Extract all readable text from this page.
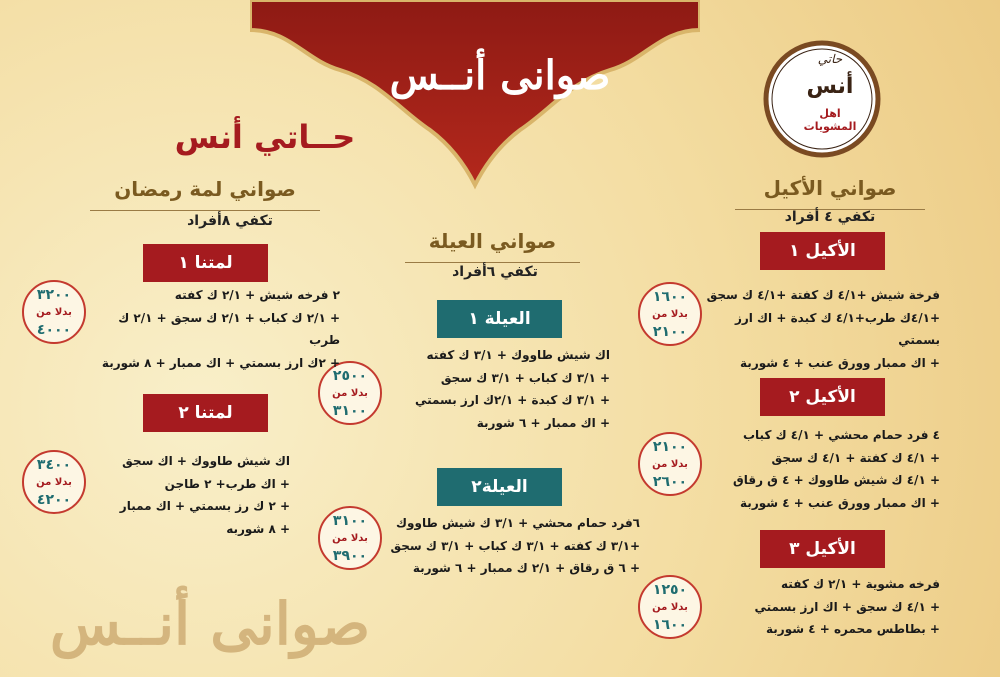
صوانى أنــس	حاتي
أنس
اهل المشويات
حــاتي أنس
صواني الأكيل
تكفي ٤ أفراد
الأكيل ١
فرخة شيش +٤/١ ك كفتة +٤/١ ك سجق
+٤/١ك طرب+٤/١ ك كبدة + اك ارز بسمتي
+ اك ممبار وورق عنب + ٤ شوربة
١٦٠٠
بدلا من
٢١٠٠
الأكيل ٢
٤ فرد حمام محشي + ٤/١ ك كباب
+ ٤/١ ك كفتة + ٤/١ ك سجق
+ ٤/١ ك شيش طاووك + ٤ ق رقاق
+ اك ممبار وورق عنب + ٤ شوربة
٢١٠٠
بدلا من
٢٦٠٠
الأكيل ٣
فرخه مشوية + ٢/١ ك كفته
+ ٤/١ ك سجق + اك ارز بسمتي
+ بطاطس محمره + ٤ شوربة
١٢٥٠
بدلا من
١٦٠٠
صواني العيلة
تكفي ٦أفراد
العيلة ١
اك شيش طاووك + ٣/١ ك كفته
+ ٣/١ ك كباب + ٣/١ ك سجق
+ ٣/١ ك كبدة + ٢/١ك ارز بسمتي
+ اك ممبار + ٦ شوربة
٢٥٠٠
بدلا من
٣١٠٠
العيلة٢
٦فرد حمام محشي + ٣/١ ك شيش طاووك
+٣/١ ك كفته + ٣/١ ك كباب + ٣/١ ك سجق
+ ٦ ق رقاق + ٢/١ ك ممبار + ٦ شوربة
٣١٠٠
بدلا من
٣٩٠٠
صواني لمة رمضان
تكفي ٨أفراد
لمتنا ١
٢ فرخه شيش + ٢/١ ك كفته
+ ٢/١ ك كباب + ٢/١ ك سجق + ٢/١ ك طرب
+ ٢ك ارز بسمتي + اك ممبار + ٨ شوربة
٣٢٠٠
بدلا من
٤٠٠٠
لمتنا ٢
اك شيش طاووك + اك سجق
+ اك طرب+ ٢ طاجن
+ ٢ ك رز بسمتي + اك ممبار
+ ٨ شوربه
٣٤٠٠
بدلا من
٤٢٠٠
صوانى أنــس
